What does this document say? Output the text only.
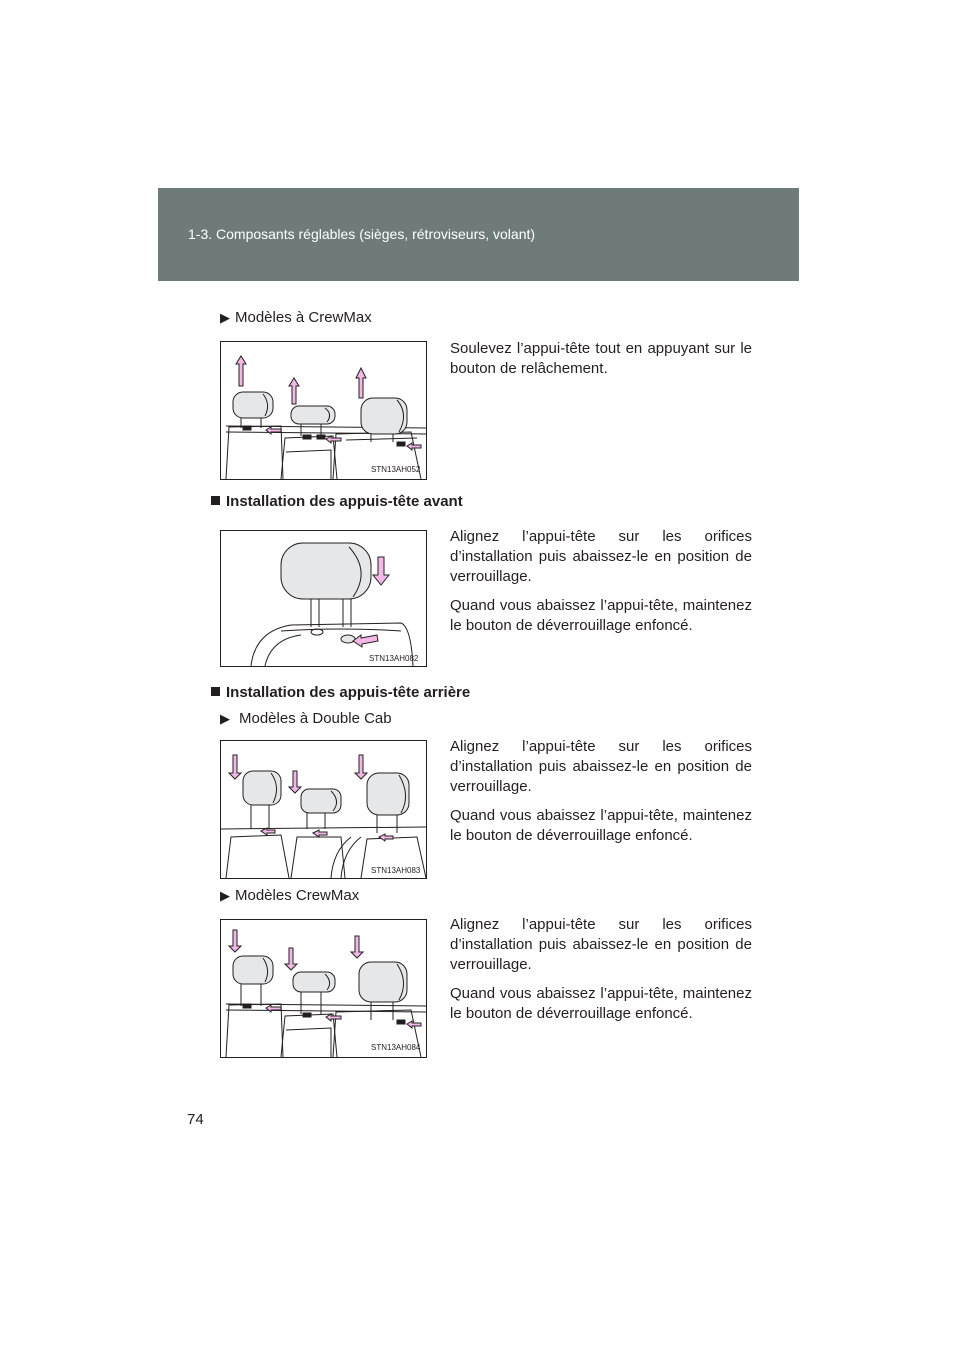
1-3. Composants réglables (sièges, rétroviseurs, volant)
▶ Modèles à CrewMax
STN13AH052

Soulevez l’appui-tête tout en appuyant sur le bouton de relâchement.

Installation des appuis-tête avant
STN13AH082

Alignez l’appui-tête sur les orifices d’installation puis abaissez-le en position de verrouillage.

Quand vous abaissez l’appui-tête, maintenez le bouton de déverrouillage enfoncé.

Installation des appuis-tête arrière
▶ Modèles à Double Cab
STN13AH083

Alignez l’appui-tête sur les orifices d’installation puis abaissez-le en position de verrouillage.

Quand vous abaissez l’appui-tête, maintenez le bouton de déverrouillage enfoncé.

▶ Modèles CrewMax
STN13AH084

Alignez l’appui-tête sur les orifices d’installation puis abaissez-le en position de verrouillage.

Quand vous abaissez l’appui-tête, maintenez le bouton de déverrouillage enfoncé.

74
